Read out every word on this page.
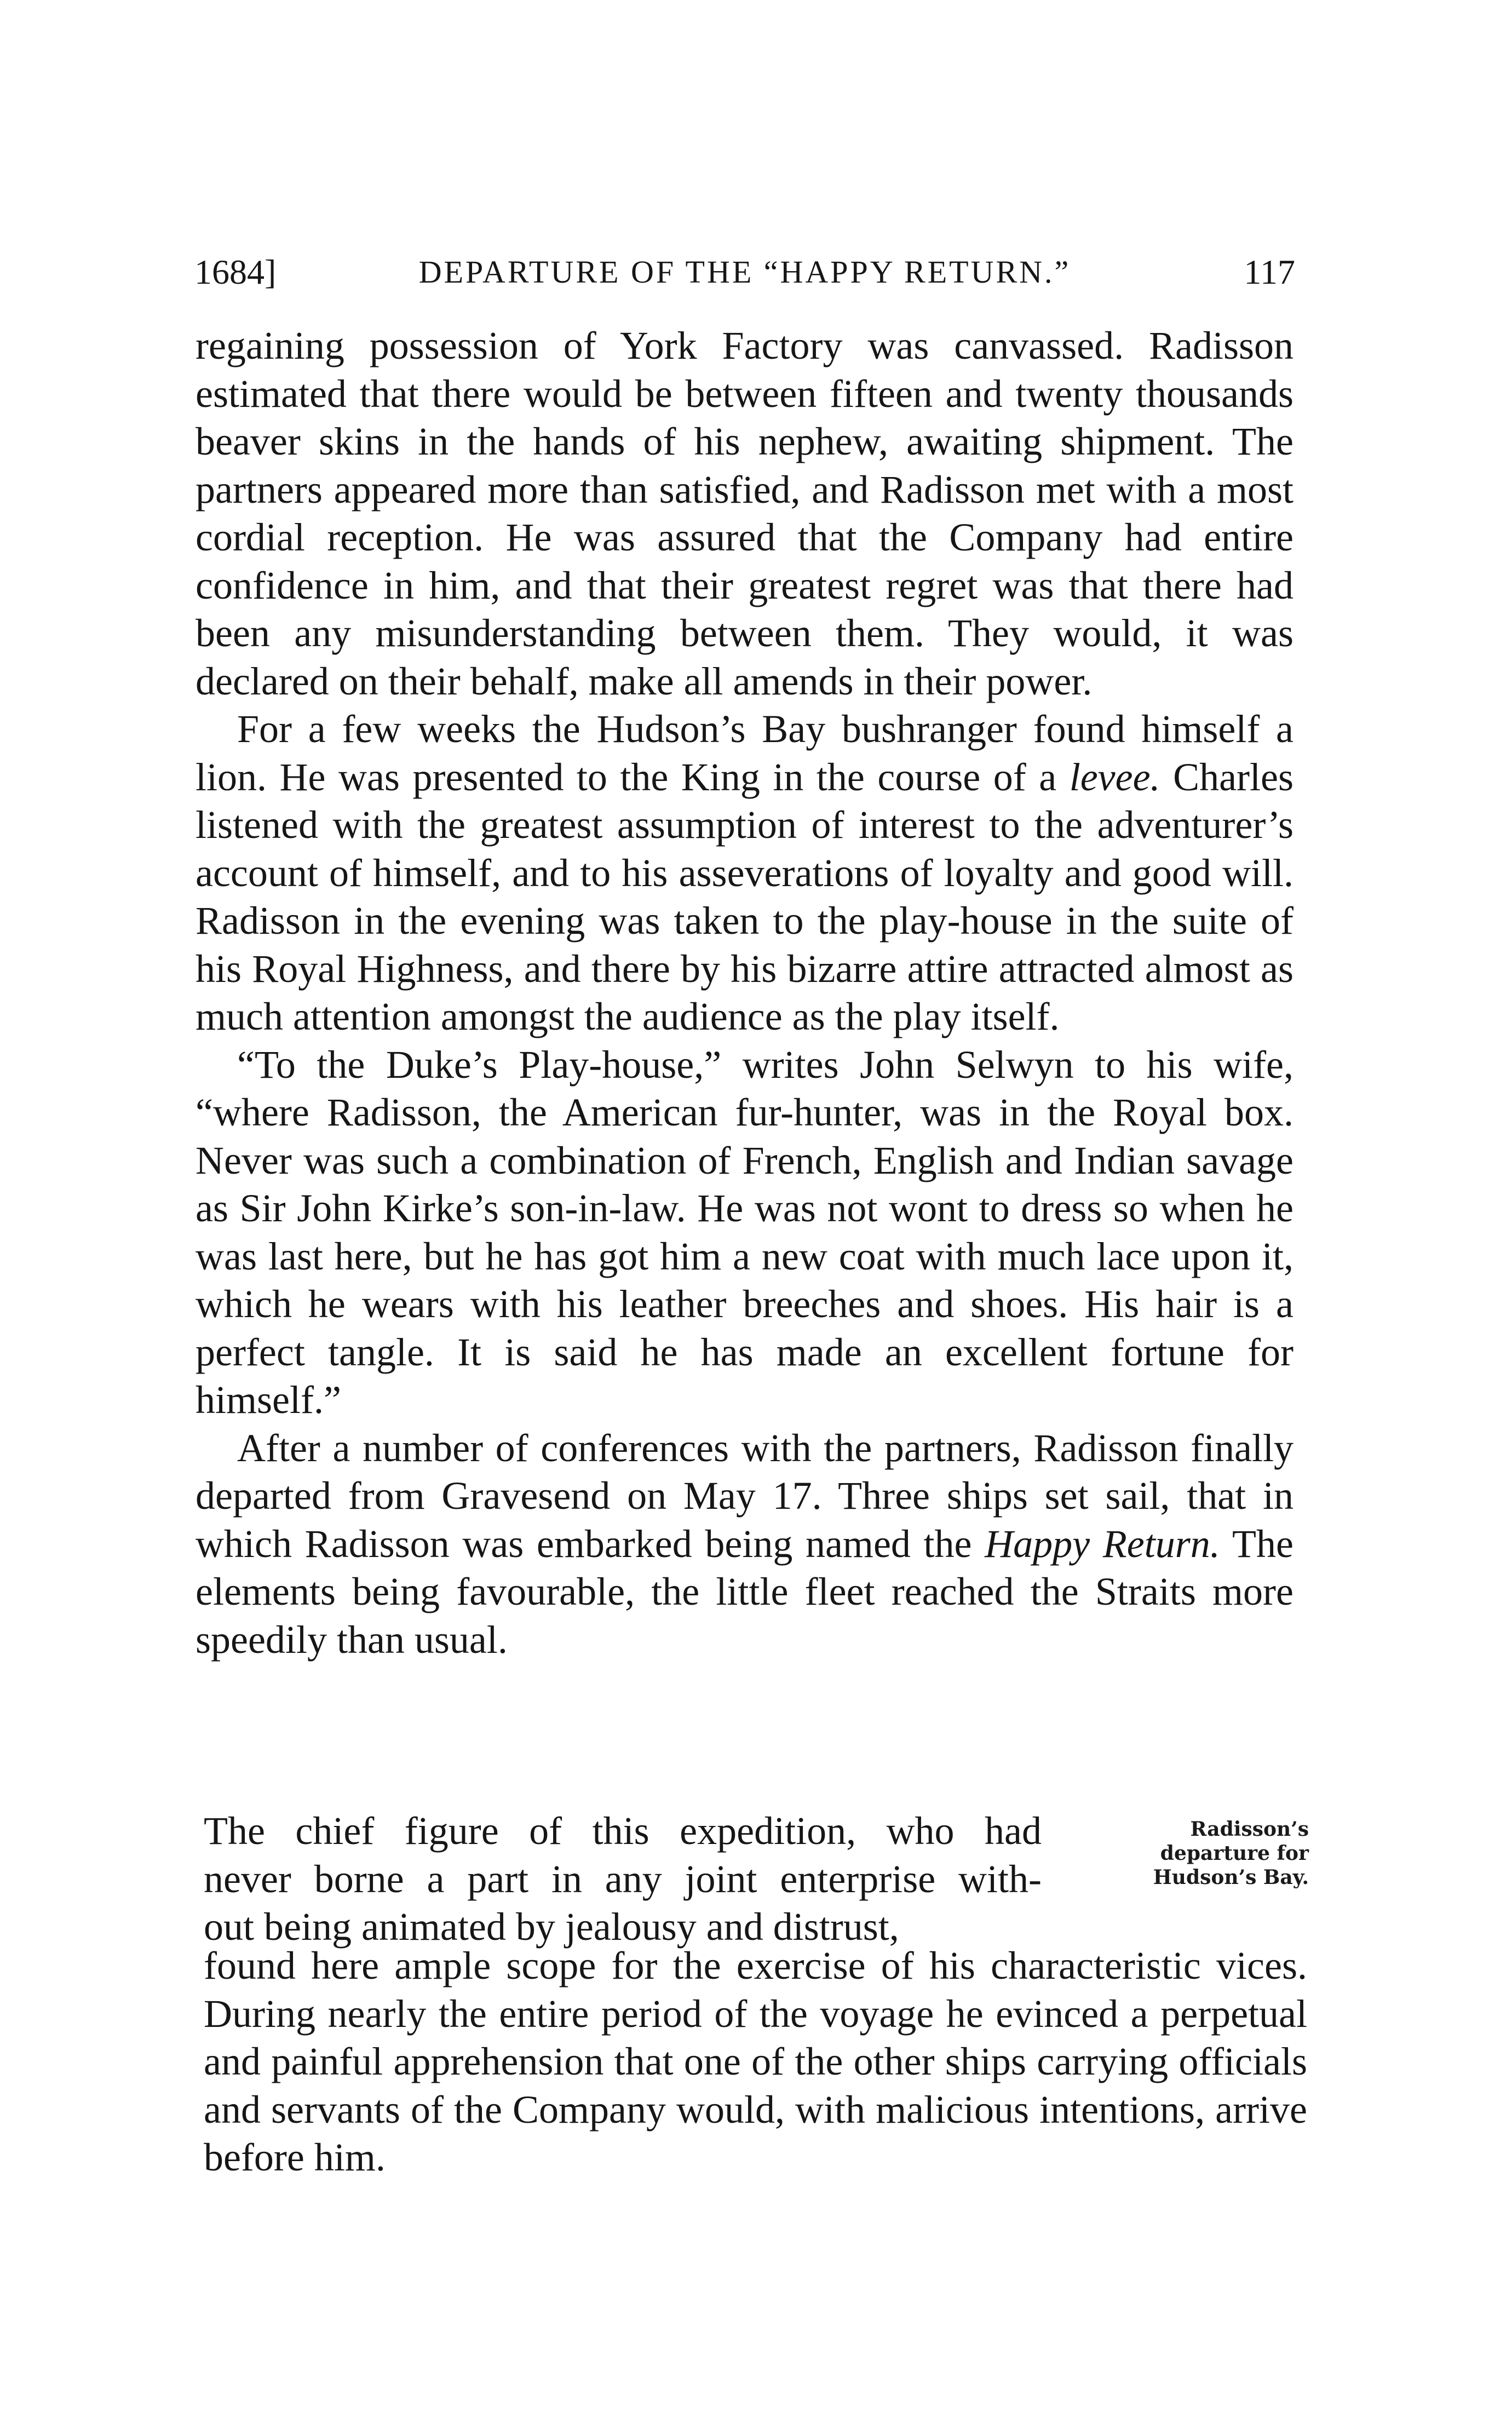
1684]	DEPARTURE OF THE “HAPPY RETURN.”	117

regaining possession of York Factory was canvassed. Radisson estimated that there would be between fifteen and twenty thousands beaver skins in the hands of his nephew, awaiting shipment. The partners appeared more than satisfied, and Radisson met with a most cordial reception. He was assured that the Company had entire confidence in him, and that their greatest regret was that there had been any misunderstanding between them. They would, it was declared on their behalf, make all amends in their power.

For a few weeks the Hudson’s Bay bushranger found himself a lion. He was presented to the King in the course of a levee. Charles listened with the greatest assumption of interest to the adventurer’s account of himself, and to his asseverations of loyalty and good will. Radisson in the evening was taken to the play-house in the suite of his Royal Highness, and there by his bizarre attire attracted almost as much attention amongst the audience as the play itself.

“To the Duke’s Play-house,” writes John Selwyn to his wife, “where Radisson, the American fur-hunter, was in the Royal box. Never was such a combination of French, English and Indian savage as Sir John Kirke’s son-in-law. He was not wont to dress so when he was last here, but he has got him a new coat with much lace upon it, which he wears with his leather breeches and shoes. His hair is a perfect tangle. It is said he has made an excellent fortune for himself.”

After a number of conferences with the partners, Radisson finally departed from Gravesend on May 17. Three ships set sail, that in which Radisson was embarked being named the Happy Return. The elements being favourable, the little fleet reached the Straits more speedily than usual.

The chief figure of this expedition, who had
never borne a part in any joint enterprise with-
out being animated by jealousy and distrust,
Radisson’s
departure for
Hudson’s Bay.

found here ample scope for the exercise of his characteristic vices. During nearly the entire period of the voyage he evinced a perpetual and painful apprehension that one of the other ships carrying officials and servants of the Company would, with malicious intentions, arrive before him.
